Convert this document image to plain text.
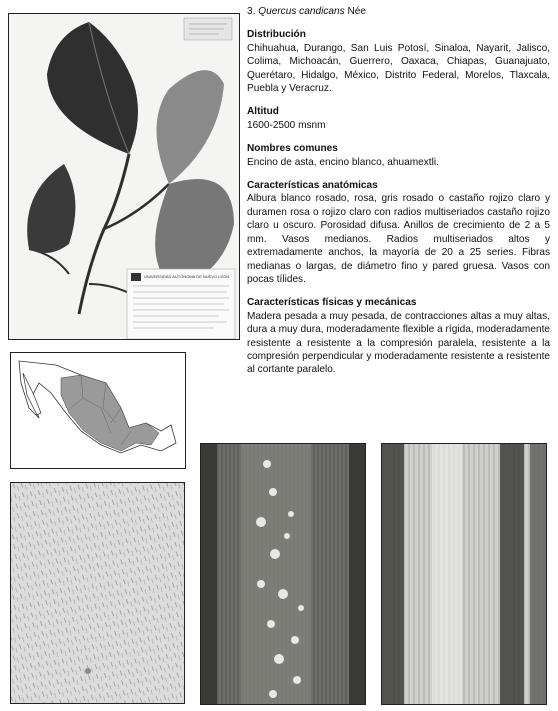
UNIVERSIDAD AUTÓNOMA DE NUEVO LEÓN
3. Quercus candicans Née
Distribución
Chihuahua, Durango, San Luis Potosí, Sinaloa, Nayarit, Jalisco, Colima, Michoacán, Guerrero, Oaxaca, Chiapas, Guanajuato, Querétaro, Hidalgo, México, Distrito Federal, Morelos, Tlaxcala, Puebla y Veracruz.
Altitud
1600-2500 msnm
Nombres comunes
Encino de asta, encino blanco, ahuamextli.
Características anatómicas
Albura blanco rosado, rosa, gris rosado o castaño rojizo claro y duramen rosa o rojizo claro con radios multiseriados castaño rojizo claro u oscuro. Porosidad difusa. Anillos de crecimiento de 2 a 5 mm. Vasos medianos. Radios multiseriados altos y extremadamente anchos, la mayoría de 20 a 25 series. Fibras medianas o largas, de diámetro fino y pared gruesa. Vasos con pocas tílides.
Características físicas y mecánicas
Madera pesada a muy pesada, de contracciones altas a muy altas, dura a muy dura, moderadamente flexible a rígida, moderadamente resistente a resistente a la compresión paralela, resistente a la compresión perpendicular y moderadamente resistente a resistente al cortante paralelo.
